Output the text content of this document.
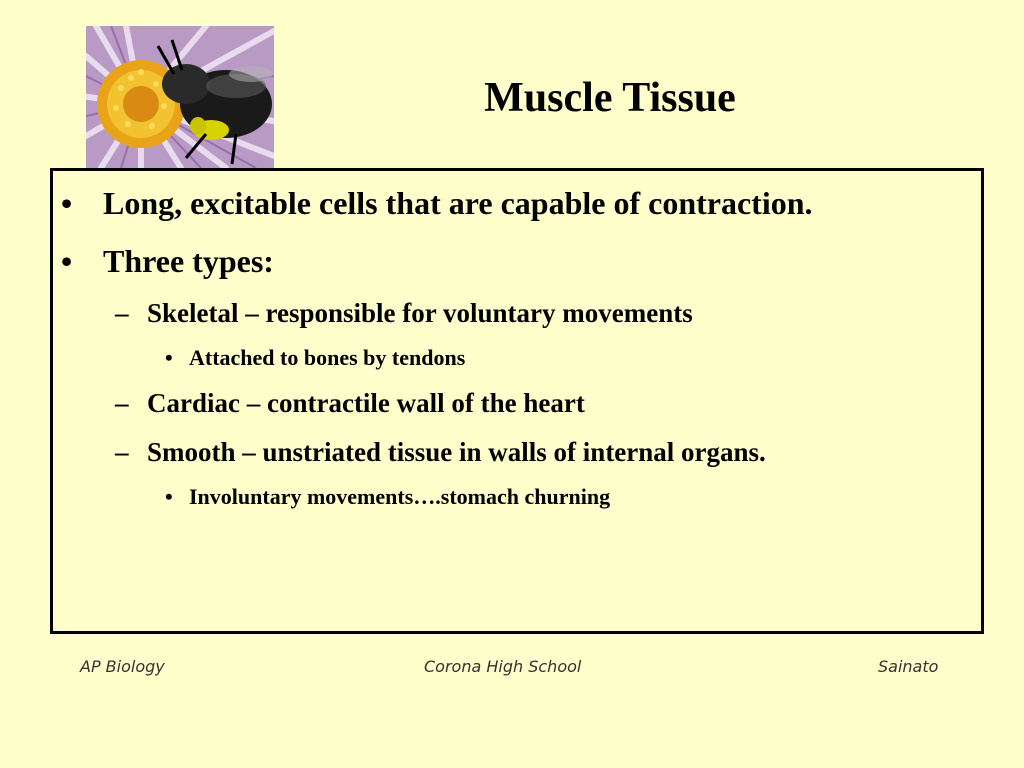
Muscle Tissue
• Long, excitable cells that are capable of contraction.
• Three types:
– Skeletal – responsible for voluntary movements
• Attached to bones by tendons
– Cardiac – contractile wall of the heart
– Smooth – unstriated tissue in walls of internal organs.
• Involuntary movements….stomach churning
AP Biology	Corona High School	Sainato
